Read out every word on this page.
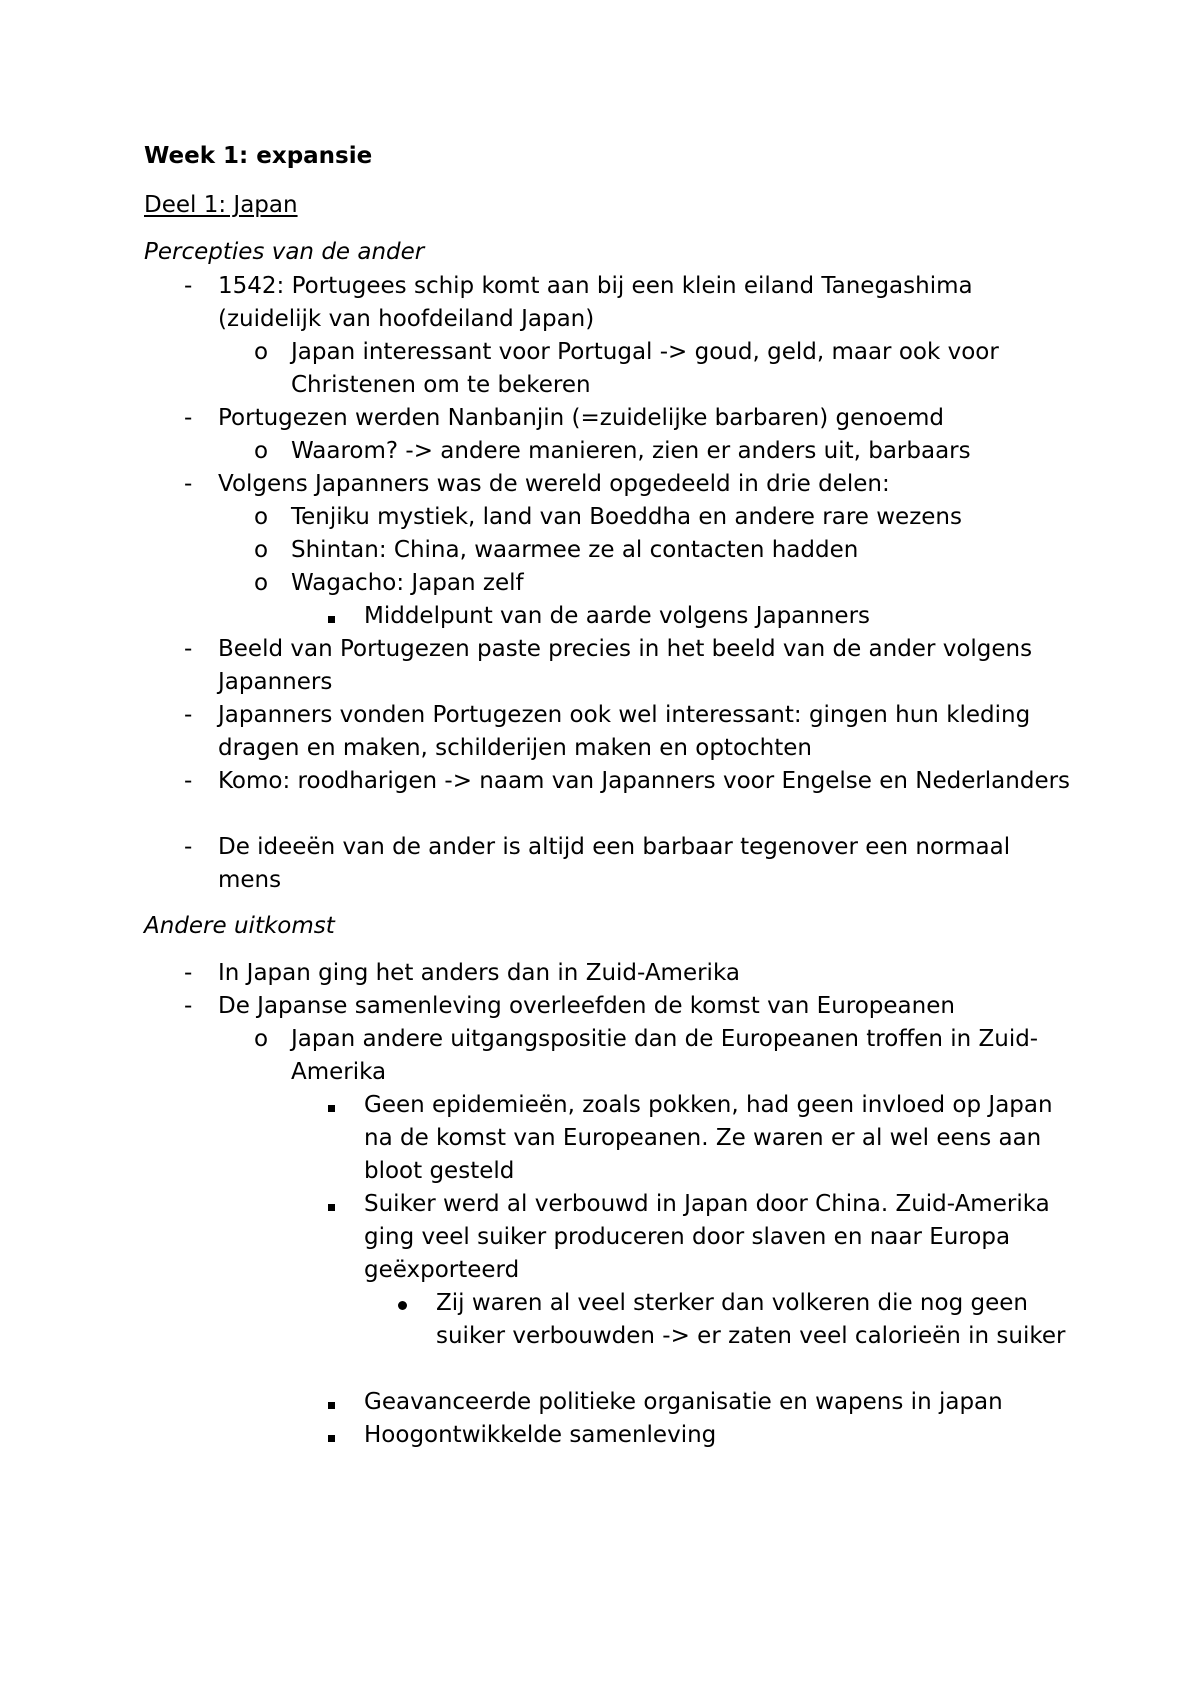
Week 1: expansie
Deel 1: Japan
Percepties van de ander
-	1542: Portugees schip komt aan bij een klein eiland Tanegashima (zuidelijk van hoofdeiland Japan)
o Japan interessant voor Portugal -> goud, geld, maar ook voor Christenen om te bekeren
-	Portugezen werden Nanbanjin (=zuidelijke barbaren) genoemd
o Waarom? -> andere manieren, zien er anders uit, barbaars
-	Volgens Japanners was de wereld opgedeeld in drie delen:
o Tenjiku mystiek, land van Boeddha en andere rare wezens
o Shintan: China, waarmee ze al contacten hadden
o Wagacho: Japan zelf
Middelpunt van de aarde volgens Japanners
-	Beeld van Portugezen paste precies in het beeld van de ander volgens Japanners
-	Japanners vonden Portugezen ook wel interessant: gingen hun kleding dragen en maken, schilderijen maken en optochten
-	Komo: roodharigen -> naam van Japanners voor Engelse en Nederlanders
-	De ideeën van de ander is altijd een barbaar tegenover een normaal mens
Andere uitkomst
-	In Japan ging het anders dan in Zuid-Amerika
-	De Japanse samenleving overleefden de komst van Europeanen
o Japan andere uitgangspositie dan de Europeanen troffen in Zuid-Amerika
Geen epidemieën, zoals pokken, had geen invloed op Japan na de komst van Europeanen. Ze waren er al wel eens aan bloot gesteld
Suiker werd al verbouwd in Japan door China. Zuid-Amerika ging veel suiker produceren door slaven en naar Europa geëxporteerd
Zij waren al veel sterker dan volkeren die nog geen suiker verbouwden -> er zaten veel calorieën in suiker
Geavanceerde politieke organisatie en wapens in japan
Hoogontwikkelde samenleving
